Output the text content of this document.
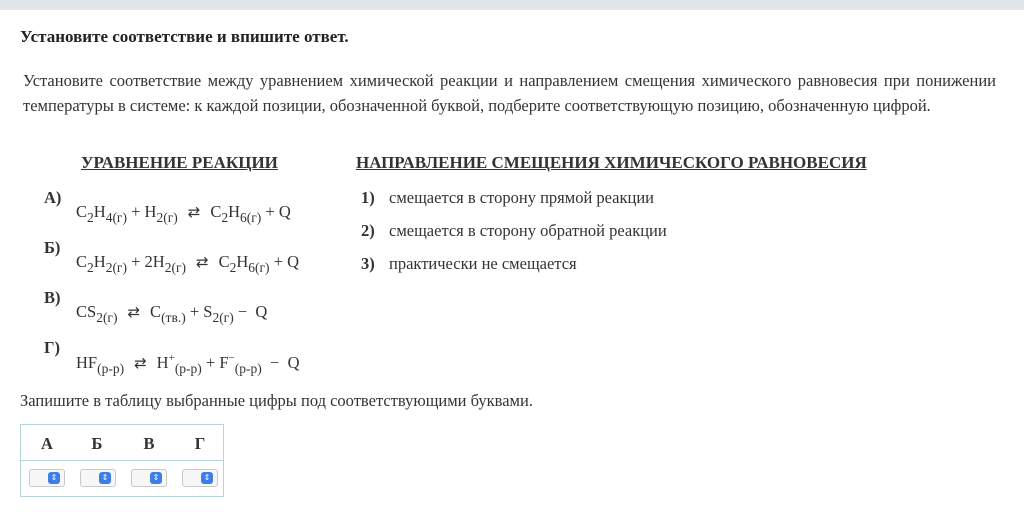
Установите соответствие и впишите ответ.
Установите соответствие между уравнением химической реакции и направлением смещения химического равновесия при понижении температуры в системе: к каждой позиции, обозначенной буквой, подберите соответствующую позицию, обозначенную цифрой.
УРАВНЕНИЕ РЕАКЦИИ	НАПРАВЛЕНИЕ СМЕЩЕНИЯ ХИМИЧЕСКОГО РАВНОВЕСИЯ
А)
$C_2H_{4(г)} + H_{2(г)}$ ⇄ $C_2H_{6(г)} + Q$
Б)
$C_2H_{2(г)} + 2H_{2(г)}$ ⇄ $C_2H_{6(г)} + Q$
В)
$CS_{2(г)}$ ⇄ $C_{(тв.)} + S_{2(г)} - Q$
Г)
$HF_{(р-р)}$ ⇄ $H^+_{(р-р)} + F^-_{(р-р)} - Q$
1) смещается в сторону прямой реакции
2) смещается в сторону обратной реакции
3) практически не смещается
Запишите в таблицу выбранные цифры под соответствующими буквами.
А	Б	В	Г
⇕	⇕	⇕	⇕
